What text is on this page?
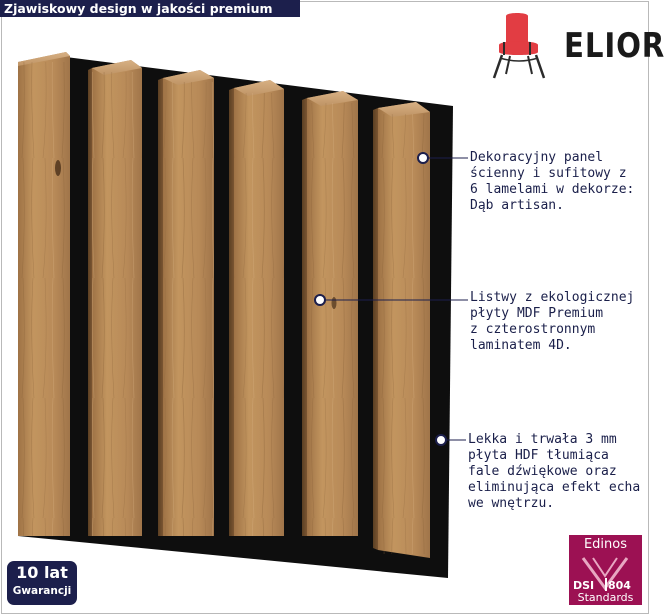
Zjawiskowy design w jakości premium
ELIOR
Dekoracyjny panel
ścienny i sufitowy z
6 lamelami w dekorze:
Dąb artisan.
Listwy z ekologicznej
płyty MDF Premium
z czterostronnym
laminatem 4D.
Lekka i trwała 3 mm
płyta HDF tłumiąca
fale dźwiękowe oraz
eliminująca efekt echa
we wnętrzu.
10 lat
Gwarancji
Edinos
DSI 804
Standards
